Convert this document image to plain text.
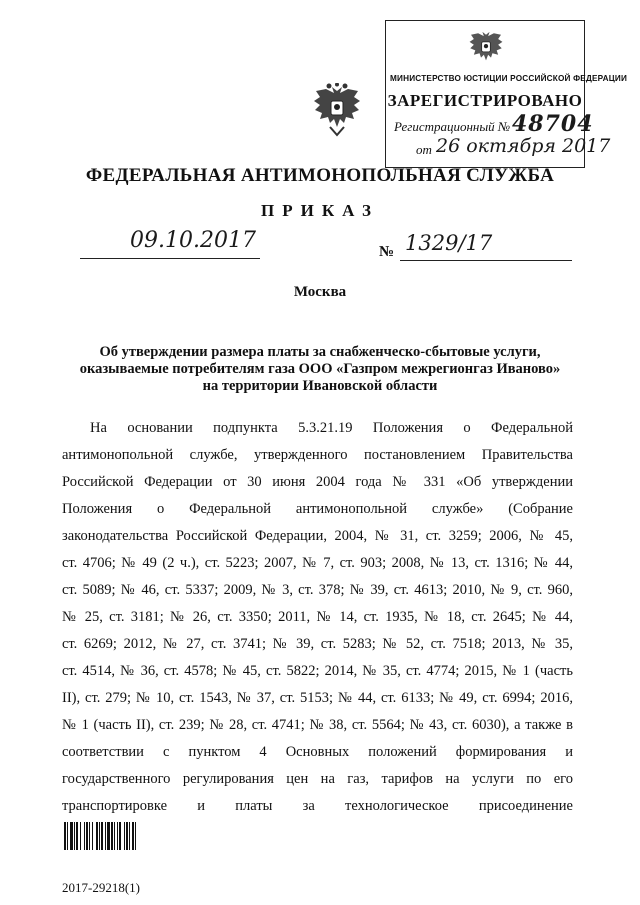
МИНИСТЕРСТВО ЮСТИЦИИ РОССИЙСКОЙ ФЕДЕРАЦИИ
ЗАРЕГИСТРИРОВАНО
Регистрационный № 48704
от 26 октября 2017
ФЕДЕРАЛЬНАЯ АНТИМОНОПОЛЬНАЯ СЛУЖБА
ПРИКАЗ
09.10.2017	№ 1329/17
Москва
Об утверждении размера платы за снабженческо-сбытовые услуги,
оказываемые потребителям газа ООО «Газпром межрегионгаз Иваново»
на территории Ивановской области
На основании подпункта 5.3.21.19 Положения о Федеральной
антимонопольной службе, утвержденного постановлением Правительства
Российской Федерации от 30 июня 2004 года № 331 «Об утверждении
Положения о Федеральной антимонопольной службе» (Собрание
законодательства Российской Федерации, 2004, № 31, ст. 3259; 2006, № 45,
ст. 4706; № 49 (2 ч.), ст. 5223; 2007, № 7, ст. 903; 2008, № 13, ст. 1316; № 44,
ст. 5089; № 46, ст. 5337; 2009, № 3, ст. 378; № 39, ст. 4613; 2010, № 9, ст. 960,
№ 25, ст. 3181; № 26, ст. 3350; 2011, № 14, ст. 1935, № 18, ст. 2645; № 44,
ст. 6269; 2012, № 27, ст. 3741; № 39, ст. 5283; № 52, ст. 7518; 2013, № 35,
ст. 4514, № 36, ст. 4578; № 45, ст. 5822; 2014, № 35, ст. 4774; 2015, № 1 (часть
II), ст. 279; № 10, ст. 1543, № 37, ст. 5153; № 44, ст. 6133; № 49, ст. 6994; 2016,
№ 1 (часть II), ст. 239; № 28, ст. 4741; № 38, ст. 5564; № 43, ст. 6030), а также в
соответствии с пунктом 4 Основных положений формирования и
государственного регулирования цен на газ, тарифов на услуги по его
транспортировке и платы за технологическое присоединение
2017-29218(1)
